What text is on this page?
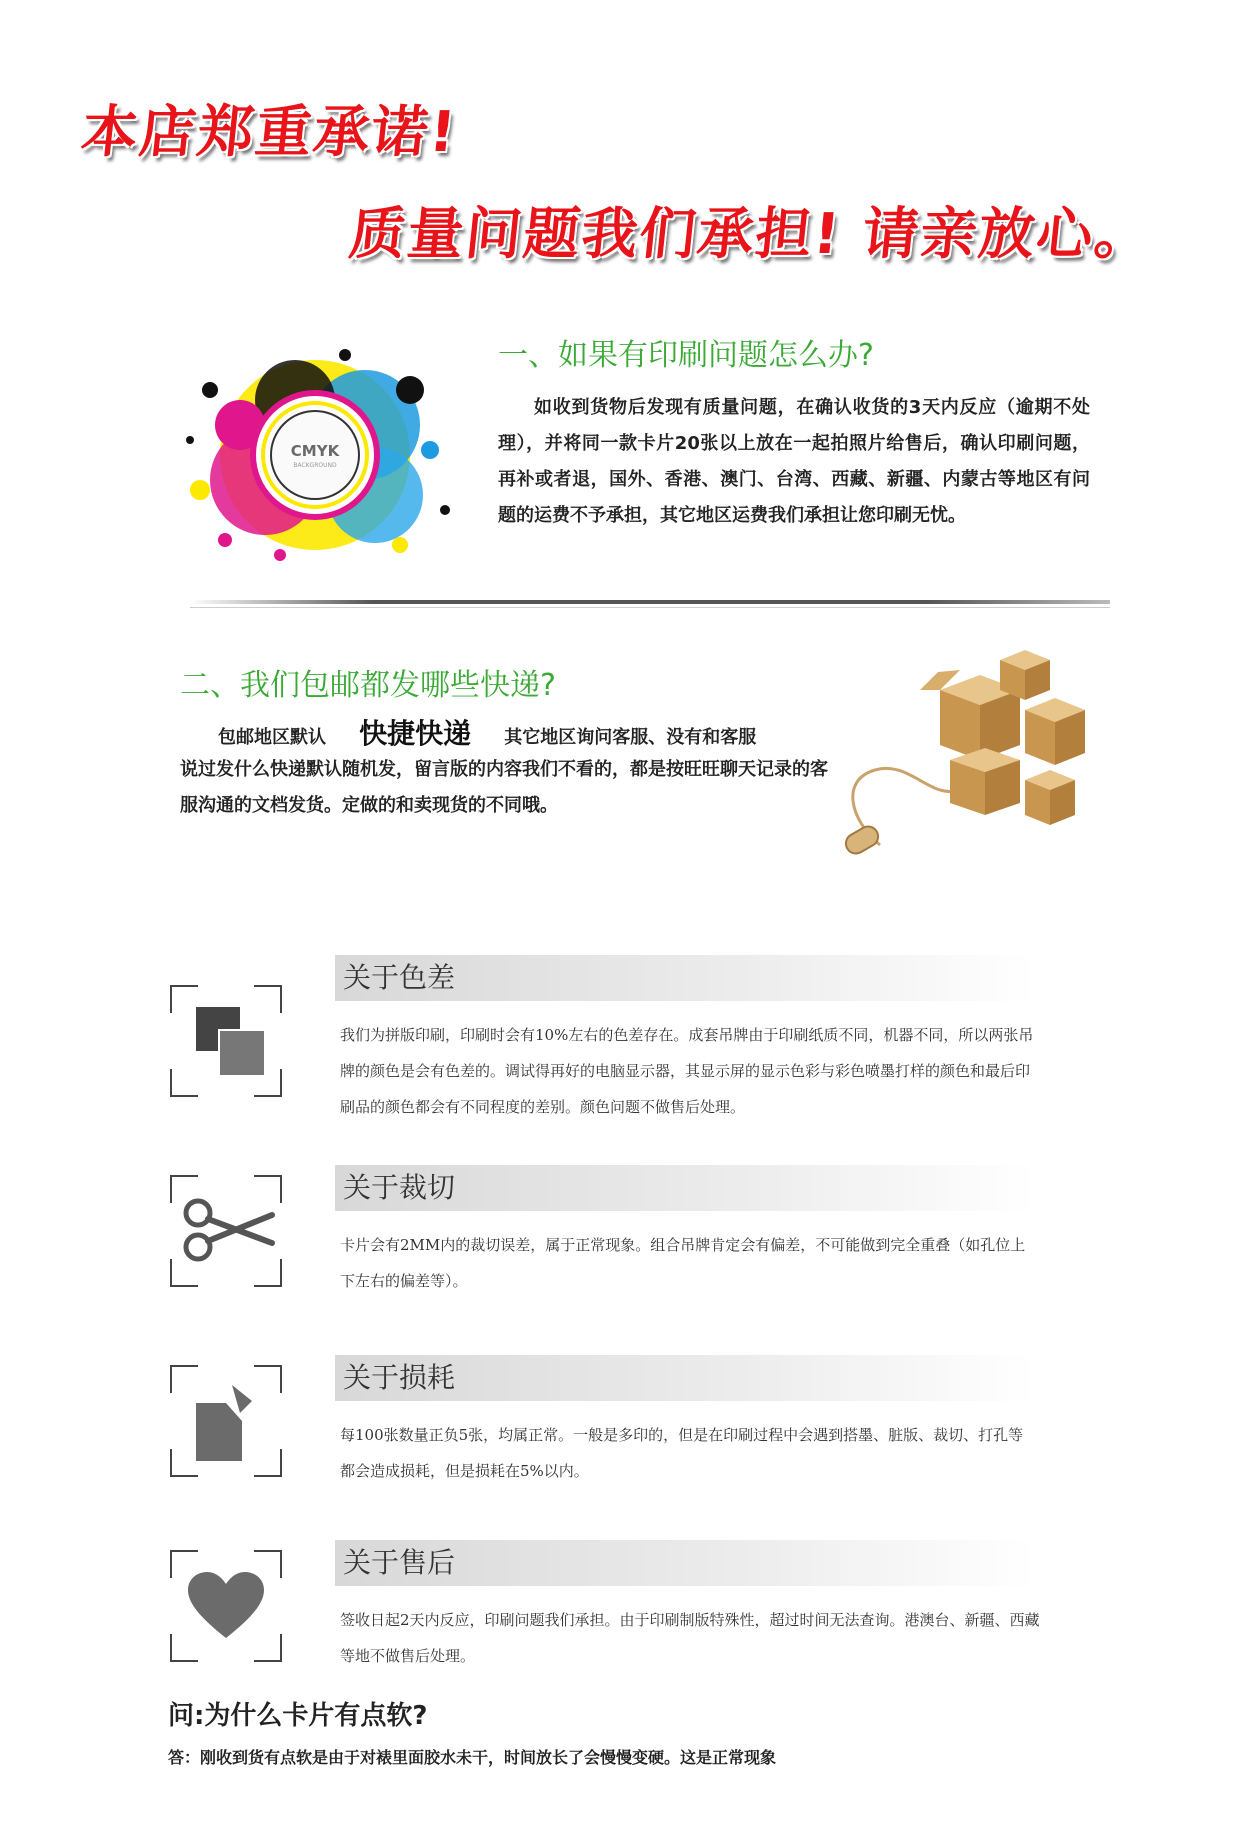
本店郑重承诺!
质量问题我们承担! 请亲放心。
CMYK
BACKGROUND
一、如果有印刷问题怎么办?
如收到货物后发现有质量问题，在确认收货的3天内反应（逾期不处理），并将同一款卡片20张以上放在一起拍照片给售后，确认印刷问题，再补或者退，国外、香港、澳门、台湾、西藏、新疆、内蒙古等地区有问题的运费不予承担，其它地区运费我们承担让您印刷无忧。
二、我们包邮都发哪些快递?
包邮地区默认 快捷快递 其它地区询问客服、没有和客服
说过发什么快递默认随机发，留言版的内容我们不看的，都是按旺旺聊天记录的客服沟通的文档发货。定做的和卖现货的不同哦。
关于色差
我们为拼版印刷，印刷时会有10%左右的色差存在。成套吊牌由于印刷纸质不同，机器不同，所以两张吊牌的颜色是会有色差的。调试得再好的电脑显示器，其显示屏的显示色彩与彩色喷墨打样的颜色和最后印刷品的颜色都会有不同程度的差别。颜色问题不做售后处理。
关于裁切
卡片会有2MM内的裁切误差，属于正常现象。组合吊牌肯定会有偏差，不可能做到完全重叠（如孔位上下左右的偏差等）。
关于损耗
每100张数量正负5张，均属正常。一般是多印的，但是在印刷过程中会遇到搭墨、脏版、裁切、打孔等都会造成损耗，但是损耗在5%以内。
关于售后
签收日起2天内反应，印刷问题我们承担。由于印刷制版特殊性，超过时间无法查询。港澳台、新疆、西藏等地不做售后处理。
问:为什么卡片有点软?
答：刚收到货有点软是由于对裱里面胶水未干，时间放长了会慢慢变硬。这是正常现象
